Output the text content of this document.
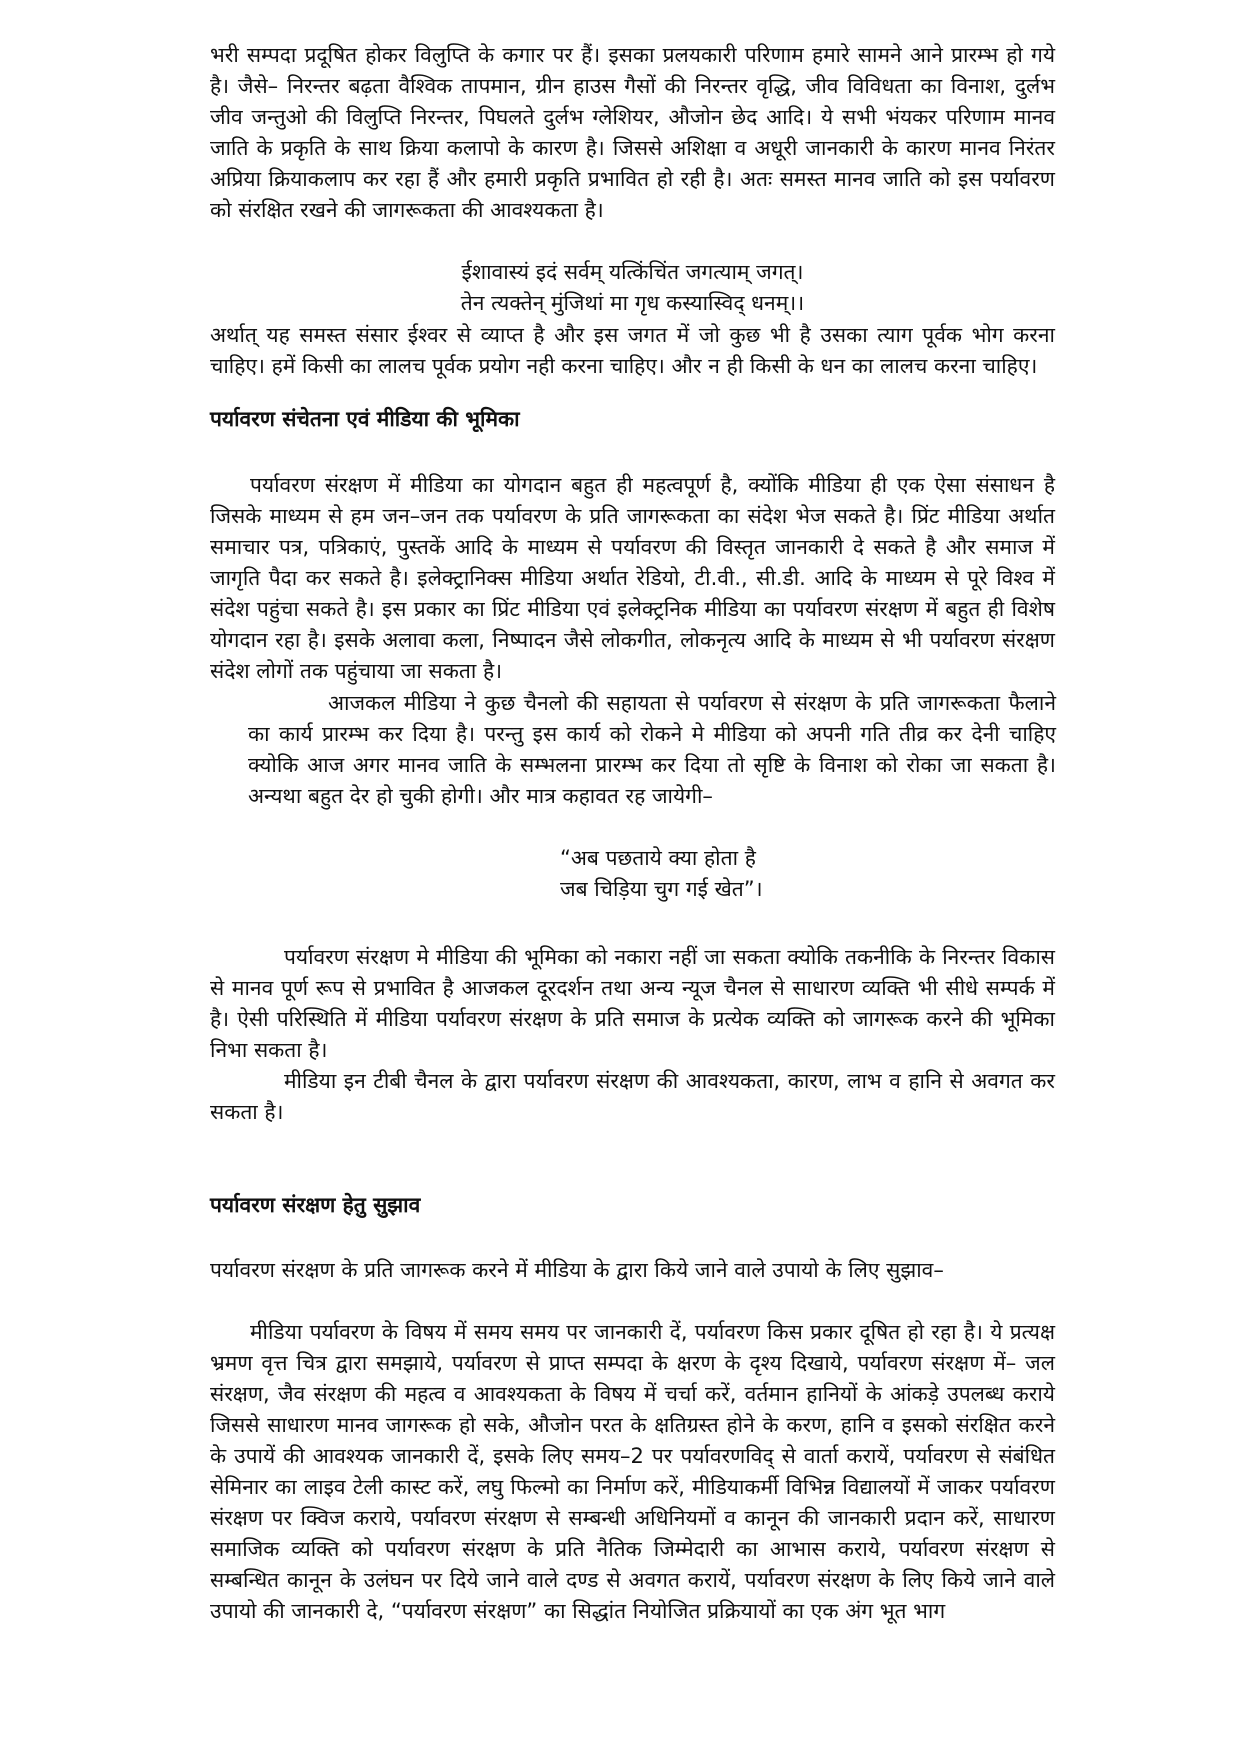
भरी सम्पदा प्रदूषित होकर विलुप्ति के कगार पर हैं। इसका प्रलयकारी परिणाम हमारे सामने आने प्रारम्भ हो गये है। जैसे– निरन्तर बढ़ता वैश्विक तापमान, ग्रीन हाउस गैसों की निरन्तर वृद्धि, जीव विविधता का विनाश, दुर्लभ जीव जन्तुओ की विलुप्ति निरन्तर, पिघलते दुर्लभ ग्लेशियर, औजोन छेद आदि। ये सभी भंयकर परिणाम मानव जाति के प्रकृति के साथ क्रिया कलापो के कारण है। जिससे अशिक्षा व अधूरी जानकारी के कारण मानव निरंतर अप्रिया क्रियाकलाप कर रहा हैं और हमारी प्रकृति प्रभावित हो रही है। अतः समस्त मानव जाति को इस पर्यावरण को संरक्षित रखने की जागरूकता की आवश्यकता है।

ईशावास्यं इदं सर्वम् यत्किंचिंत जगत्याम् जगत्।

तेन त्यक्तेन् मुंजिथां मा गृध कस्यास्विद् धनम्।।

अर्थात् यह समस्त संसार ईश्वर से व्याप्त है और इस जगत में जो कुछ भी है उसका त्याग पूर्वक भोग करना चाहिए। हमें किसी का लालच पूर्वक प्रयोग नही करना चाहिए। और न ही किसी के धन का लालच करना चाहिए।

पर्यावरण संचेतना एवं मीडिया की भूमिका

पर्यावरण संरक्षण में मीडिया का योगदान बहुत ही महत्वपूर्ण है, क्योंकि मीडिया ही एक ऐसा संसाधन है जिसके माध्यम से हम जन–जन तक पर्यावरण के प्रति जागरूकता का संदेश भेज सकते है। प्रिंट मीडिया अर्थात समाचार पत्र, पत्रिकाएं, पुस्तकें आदि के माध्यम से पर्यावरण की विस्तृत जानकारी दे सकते है और समाज में जागृति पैदा कर सकते है। इलेक्ट्रानिक्स मीडिया अर्थात रेडियो, टी.वी., सी.डी. आदि के माध्यम से पूरे विश्व में संदेश पहुंचा सकते है। इस प्रकार का प्रिंट मीडिया एवं इलेक्ट्रनिक मीडिया का पर्यावरण संरक्षण में बहुत ही विशेष योगदान रहा है। इसके अलावा कला, निष्पादन जैसे लोकगीत, लोकनृत्य आदि के माध्यम से भी पर्यावरण संरक्षण संदेश लोगों तक पहुंचाया जा सकता है।

आजकल मीडिया ने कुछ चैनलो की सहायता से पर्यावरण से संरक्षण के प्रति जागरूकता फैलाने का कार्य प्रारम्भ कर दिया है। परन्तु इस कार्य को रोकने मे मीडिया को अपनी गति तीव्र कर देनी चाहिए क्योकि आज अगर मानव जाति के सम्भलना प्रारम्भ कर दिया तो सृष्टि के विनाश को रोका जा सकता है। अन्यथा बहुत देर हो चुकी होगी। और मात्र कहावत रह जायेगी–

“अब पछताये क्या होता है

जब चिड़िया चुग गई खेत”।

पर्यावरण संरक्षण मे मीडिया की भूमिका को नकारा नहीं जा सकता क्योकि तकनीकि के निरन्तर विकास से मानव पूर्ण रूप से प्रभावित है आजकल दूरदर्शन तथा अन्य न्यूज चैनल से साधारण व्यक्ति भी सीधे सम्पर्क में है। ऐसी परिस्थिति में मीडिया पर्यावरण संरक्षण के प्रति समाज के प्रत्येक व्यक्ति को जागरूक करने की भूमिका निभा सकता है।

मीडिया इन टीबी चैनल के द्वारा पर्यावरण संरक्षण की आवश्यकता, कारण, लाभ व हानि से अवगत कर सकता है।

पर्यावरण संरक्षण हेतु सुझाव

पर्यावरण संरक्षण के प्रति जागरूक करने में मीडिया के द्वारा किये जाने वाले उपायो के लिए सुझाव–

मीडिया पर्यावरण के विषय में समय समय पर जानकारी दें, पर्यावरण किस प्रकार दूषित हो रहा है। ये प्रत्यक्ष भ्रमण वृत्त चित्र द्वारा समझाये, पर्यावरण से प्राप्त सम्पदा के क्षरण के दृश्य दिखाये, पर्यावरण संरक्षण में– जल संरक्षण, जैव संरक्षण की महत्व व आवश्यकता के विषय में चर्चा करें, वर्तमान हानियों के आंकड़े उपलब्ध कराये जिससे साधारण मानव जागरूक हो सके, औजोन परत के क्षतिग्रस्त होने के करण, हानि व इसको संरक्षित करने के उपायें की आवश्यक जानकारी दें, इसके लिए समय–2 पर पर्यावरणविद् से वार्ता करायें, पर्यावरण से संबंधित सेमिनार का लाइव टेली कास्ट करें, लघु फिल्मो का निर्माण करें, मीडियाकर्मी विभिन्न विद्यालयों में जाकर पर्यावरण संरक्षण पर क्विज कराये, पर्यावरण संरक्षण से सम्बन्धी अधिनियमों व कानून की जानकारी प्रदान करें, साधारण समाजिक व्यक्ति को पर्यावरण संरक्षण के प्रति नैतिक जिम्मेदारी का आभास कराये, पर्यावरण संरक्षण से सम्बन्धित कानून के उलंघन पर दिये जाने वाले दण्ड से अवगत करायें, पर्यावरण संरक्षण के लिए किये जाने वाले उपायो की जानकारी दे, “पर्यावरण संरक्षण” का सिद्धांत नियोजित प्रक्रियायों का एक अंग भूत भाग
